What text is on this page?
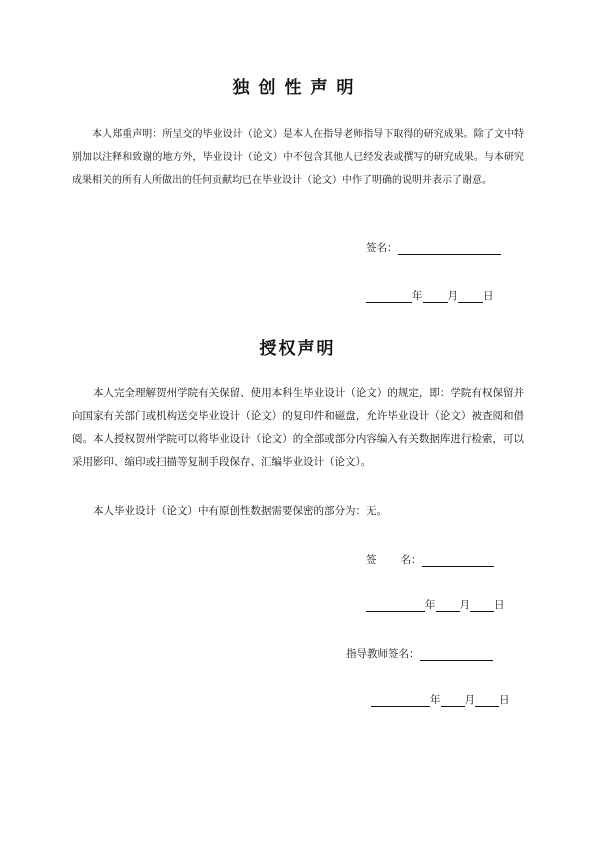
独创性声明
本人郑重声明：所呈交的毕业设计（论文）是本人在指导老师指导下取得的研究成果。除了文中特别加以注释和致谢的地方外，毕业设计（论文）中不包含其他人已经发表或撰写的研究成果。与本研究成果相关的所有人所做出的任何贡献均已在毕业设计（论文）中作了明确的说明并表示了谢意。
签名：
年 月 日
授权声明
本人完全理解贺州学院有关保留、使用本科生毕业设计（论文）的规定，即：学院有权保留并向国家有关部门或机构送交毕业设计（论文）的复印件和磁盘，允许毕业设计（论文）被查阅和借阅。本人授权贺州学院可以将毕业设计（论文）的全部或部分内容编入有关数据库进行检索，可以采用影印、缩印或扫描等复制手段保存、汇编毕业设计（论文）。
本人毕业设计（论文）中有原创性数据需要保密的部分为：无。
签 名：
年 月 日
指导教师签名：
年 月 日
